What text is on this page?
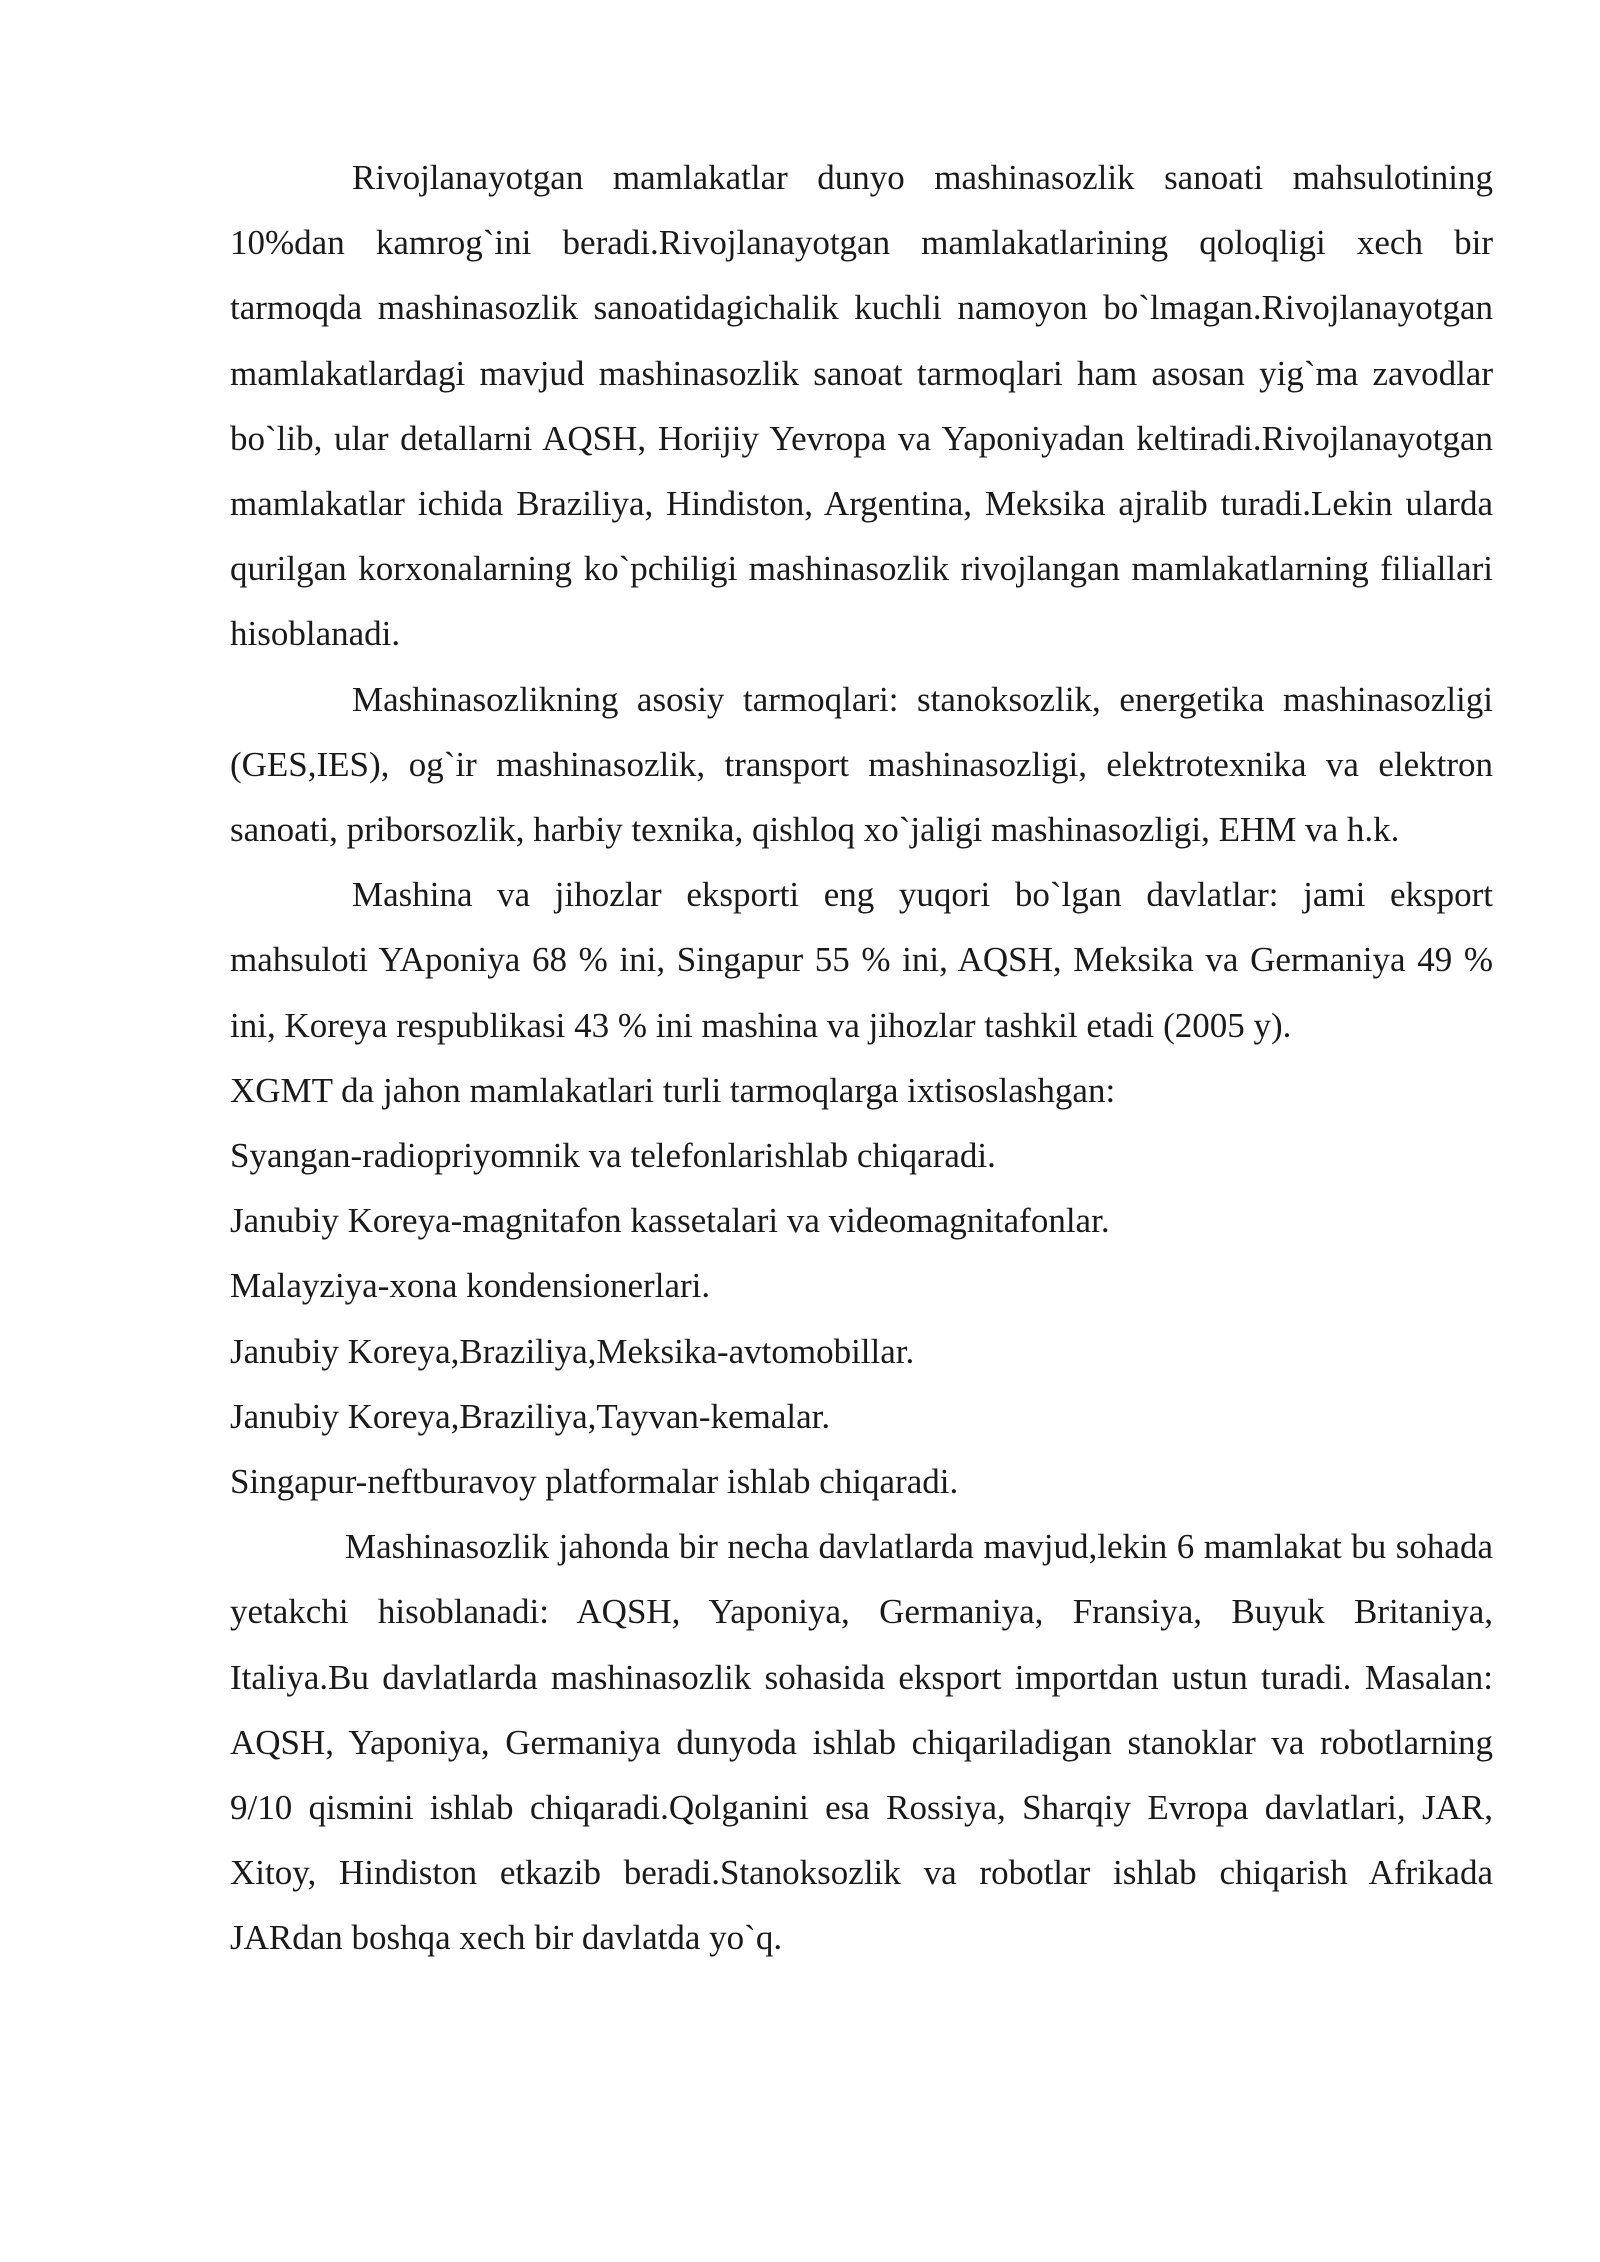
Rivojlanayotgan mamlakatlar dunyo mashinasozlik sanoati mahsulotining 10%dan kamrog`ini beradi.Rivojlanayotgan mamlakatlarining qoloqligi xech bir tarmoqda mashinasozlik sanoatidagichalik kuchli namoyon bo`lmagan.Rivojlanayotgan mamlakatlardagi mavjud mashinasozlik sanoat tarmoqlari ham asosan yig`ma zavodlar bo`lib, ular detallarni AQSH, Horijiy Yevropa va Yaponiyadan keltiradi.Rivojlanayotgan mamlakatlar ichida Braziliya, Hindiston, Argentina, Meksika ajralib turadi.Lekin ularda qurilgan korxonalarning ko`pchiligi mashinasozlik rivojlangan mamlakatlarning filiallari hisoblanadi.

Mashinasozlikning asosiy tarmoqlari: stanoksozlik, energetika mashinasozligi (GES,IES), og`ir mashinasozlik, transport mashinasozligi, elektrotexnika va elektron sanoati, priborsozlik, harbiy texnika, qishloq xo`jaligi mashinasozligi, EHM va h.k.

Mashina va jihozlar eksporti eng yuqori bo`lgan davlatlar: jami eksport mahsuloti YAponiya 68 % ini, Singapur 55 % ini, AQSH, Meksika va Germaniya 49 % ini, Koreya respublikasi 43 % ini mashina va jihozlar tashkil etadi (2005 y).

XGMT da jahon mamlakatlari turli tarmoqlarga ixtisoslashgan:

Syangan-radiopriyomnik va telefonlarishlab chiqaradi.

Janubiy Koreya-magnitafon kassetalari va videomagnitafonlar.

Malayziya-xona kondensionerlari.

Janubiy Koreya,Braziliya,Meksika-avtomobillar.

Janubiy Koreya,Braziliya,Tayvan-kemalar.

Singapur-neftburavoy platformalar ishlab chiqaradi.

Mashinasozlik jahonda bir necha davlatlarda mavjud,lekin 6 mamlakat bu sohada yetakchi hisoblanadi: AQSH, Yaponiya, Germaniya, Fransiya, Buyuk Britaniya, Italiya.Bu davlatlarda mashinasozlik sohasida eksport importdan ustun turadi. Masalan: AQSH, Yaponiya, Germaniya dunyoda ishlab chiqariladigan stanoklar va robotlarning 9/10 qismini ishlab chiqaradi.Qolganini esa Rossiya, Sharqiy Evropa davlatlari, JAR, Xitoy, Hindiston etkazib beradi.Stanoksozlik va robotlar ishlab chiqarish Afrikada JARdan boshqa xech bir davlatda yo`q.
